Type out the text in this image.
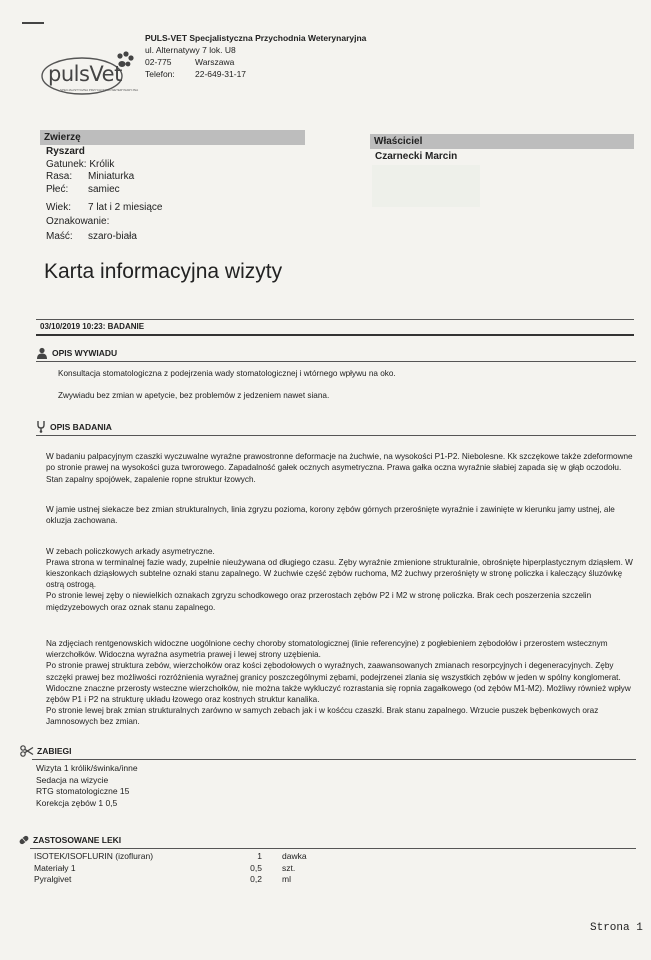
pulsVet
SPECJALISTYCZNA PRZYCHODNIA WETERYNARYJNA
PULS-VET Specjalistyczna Przychodnia Weterynaryjna
ul. Alternatywy 7 lok. U8
02-775	Warszawa
Telefon: 22-649-31-17
Zwierzę
Ryszard
Gatunek: Królik
Rasa: Miniaturka
Płeć: samiec
Wiek: 7 lat i 2 miesiące
Oznakowanie:
Maść: szaro-biała
Właściciel
Czarnecki Marcin
Karta informacyjna wizyty
03/10/2019 10:23: BADANIE
OPIS WYWIADU

Konsultacja stomatologiczna z podejrzenia wady stomatologicznej i wtórnego wpływu na oko.

Zwywiadu bez zmian w apetycie, bez problemów z jedzeniem nawet siana.

OPIS BADANIA

W badaniu palpacyjnym czaszki wyczuwalne wyraźne prawostronne deformacje na żuchwie, na wysokości P1-P2. Niebolesne. Kk szczękowe także zdeformowne po stronie prawej na wysokości guza twrorowego. Zapadalność gałek ocznych asymetryczna. Prawa gałka oczna wyraźnie słabiej zapada się w głąb oczodołu. Stan zapalny spojówek, zapalenie ropne struktur łzowych.

W jamie ustnej siekacze bez zmian strukturalnych, linia zgryzu pozioma, korony zębów górnych przerośnięte wyraźnie i zawinięte w kierunku jamy ustnej, ale okluzja zachowana.

W zebach policzkowych arkady asymetryczne.
Prawa strona w terminalnej fazie wady, zupełnie nieużywana od długiego czasu. Zęby wyraźnie zmienione strukturalnie, obrośnięte hiperplastycznym dziąsłem. W kieszonkach dziąsłowych subtelne oznaki stanu zapalnego. W żuchwie część zębów ruchoma, M2 żuchwy przerośnięty w stronę policzka i kaleczący śluzówkę ostrą ostrogą.
Po stronie lewej zęby o niewielkich oznakach zgryzu schodkowego oraz przerostach zębów P2 i M2 w stronę policzka. Brak cech poszerzenia szczelin międzyzebowych oraz oznak stanu zapalnego.

Na zdjęciach rentgenowskich widoczne uogólnione cechy choroby stomatologicznej (linie referencyjne) z pogłebieniem zębodołów i przerostem wstecznym wierzchołków. Widoczna wyraźna asymetria prawej i lewej strony uzębienia.
Po stronie prawej struktura zebów, wierzchołków oraz kości zębodołowych o wyraźnych, zaawansowanych zmianach resorpcyjnych i degeneracyjnych. Zęby szczęki prawej bez możliwości rozróżnienia wyraźnej granicy poszczególnymi zębami, podejrzenei zlania się wszystkich zębów w jeden w spólny konglomerat. Widoczne znaczne przerosty wsteczne wierzchołków, nie można także wykluczyć rozrastania się ropnia zagałkowego (od zębów M1-M2). Możliwy również wpływ zębów P1 i P2 na strukturę układu łzowego oraz kostnych struktur kanalika.
Po stronie lewej brak zmian strukturalnych zarówno w samych zebach jak i w kośćcu czaszki. Brak stanu zapalnego. Wrzucie puszek bębenkowych oraz Jamnosowych bez zmian.

ZABIEGI
Wizyta 1 królik/świnka/inne
Sedacja na wizycie
RTG stomatologiczne 15
Korekcja zębów 1 0,5
ZASTOSOWANE LEKI
ISOTEK/ISOFLURIN (izofluran)	1 dawka
Materiały 1	0,5 szt.
Pyralgivet	0,2 ml
Strona 1
